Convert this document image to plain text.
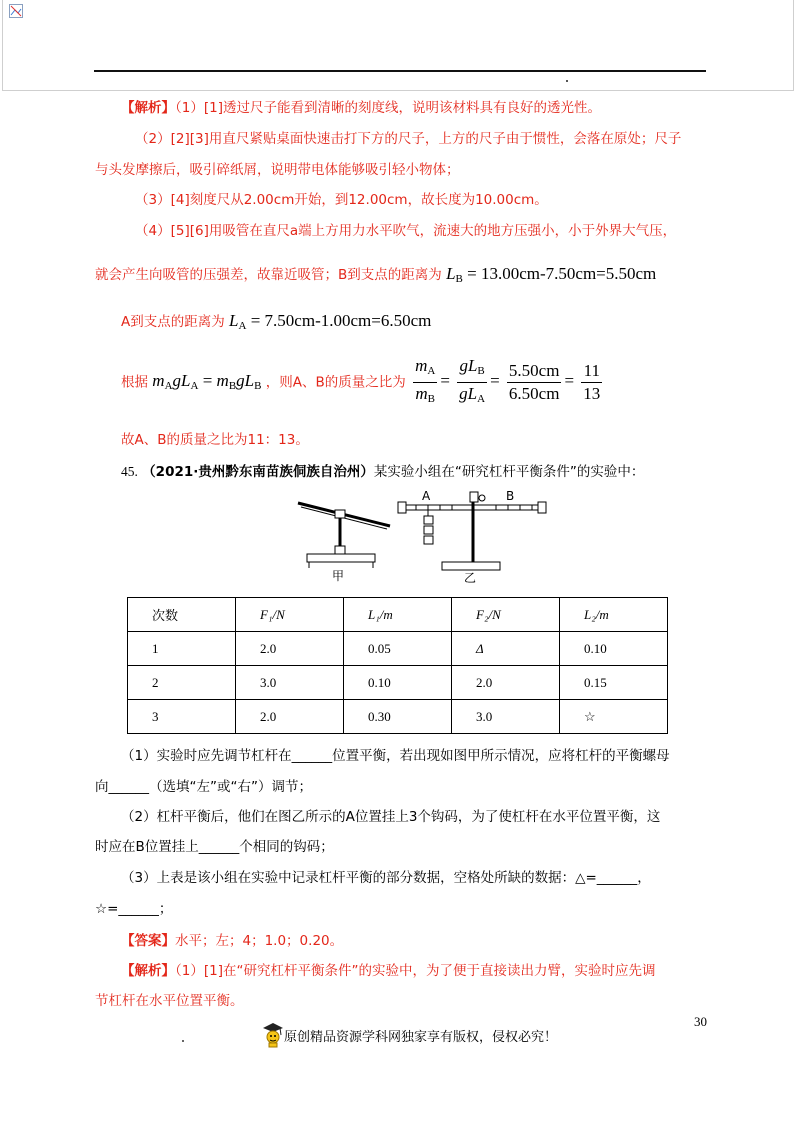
【解析】（1）[1]透过尺子能看到清晰的刻度线，说明该材料具有良好的透光性。
（2）[2][3]用直尺紧贴桌面快速击打下方的尺子，上方的尺子由于惯性，会落在原处；尺子
与头发摩擦后，吸引碎纸屑，说明带电体能够吸引轻小物体；
（3）[4]刻度尺从2.00cm开始，到12.00cm，故长度为10.00cm。
（4）[5][6]用吸管在直尺a端上方用力水平吹气，流速大的地方压强小，小于外界大气压，
就会产生向吸管的压强差，故靠近吸管；B到支点的距离为 $L_B = 13.00cm-7.50cm=5.50cm$
A到支点的距离为 $L_A = 7.50cm-1.00cm=6.50cm$
根据 $m_AgL_A = m_BgL_B$ ，则A、B的质量之比为 $\frac{m_A}{m_B} = \frac{gL_B}{gL_A} = \frac{5.50cm}{6.50cm} = \frac{11}{13}$
故A、B的质量之比为11：13。
45. （2021·贵州黔东南苗族侗族自治州）某实验小组在“研究杠杆平衡条件”的实验中：
甲
A	B
乙
次数	F₁/N	L₁/m	F₂/N	L₂/m
1	2.0	0.05	Δ	0.10
2	3.0	0.10	2.0	0.15
3	2.0	0.30	3.0	☆
（1）实验时应先调节杠杆在______位置平衡，若出现如图甲所示情况，应将杠杆的平衡螺母
向______（选填“左”或“右”）调节；
（2）杠杆平衡后，他们在图乙所示的A位置挂上3个钩码，为了使杠杆在水平位置平衡，这
时应在B位置挂上______个相同的钩码；
（3）上表是该小组在实验中记录杠杆平衡的部分数据，空格处所缺的数据：△=______，
☆=______；
【答案】水平；左；4；1.0；0.20。
【解析】（1）[1]在“研究杠杆平衡条件”的实验中，为了便于直接读出力臂，实验时应先调
节杠杆在水平位置平衡。
30
原创精品资源学科网独家享有版权，侵权必究！
